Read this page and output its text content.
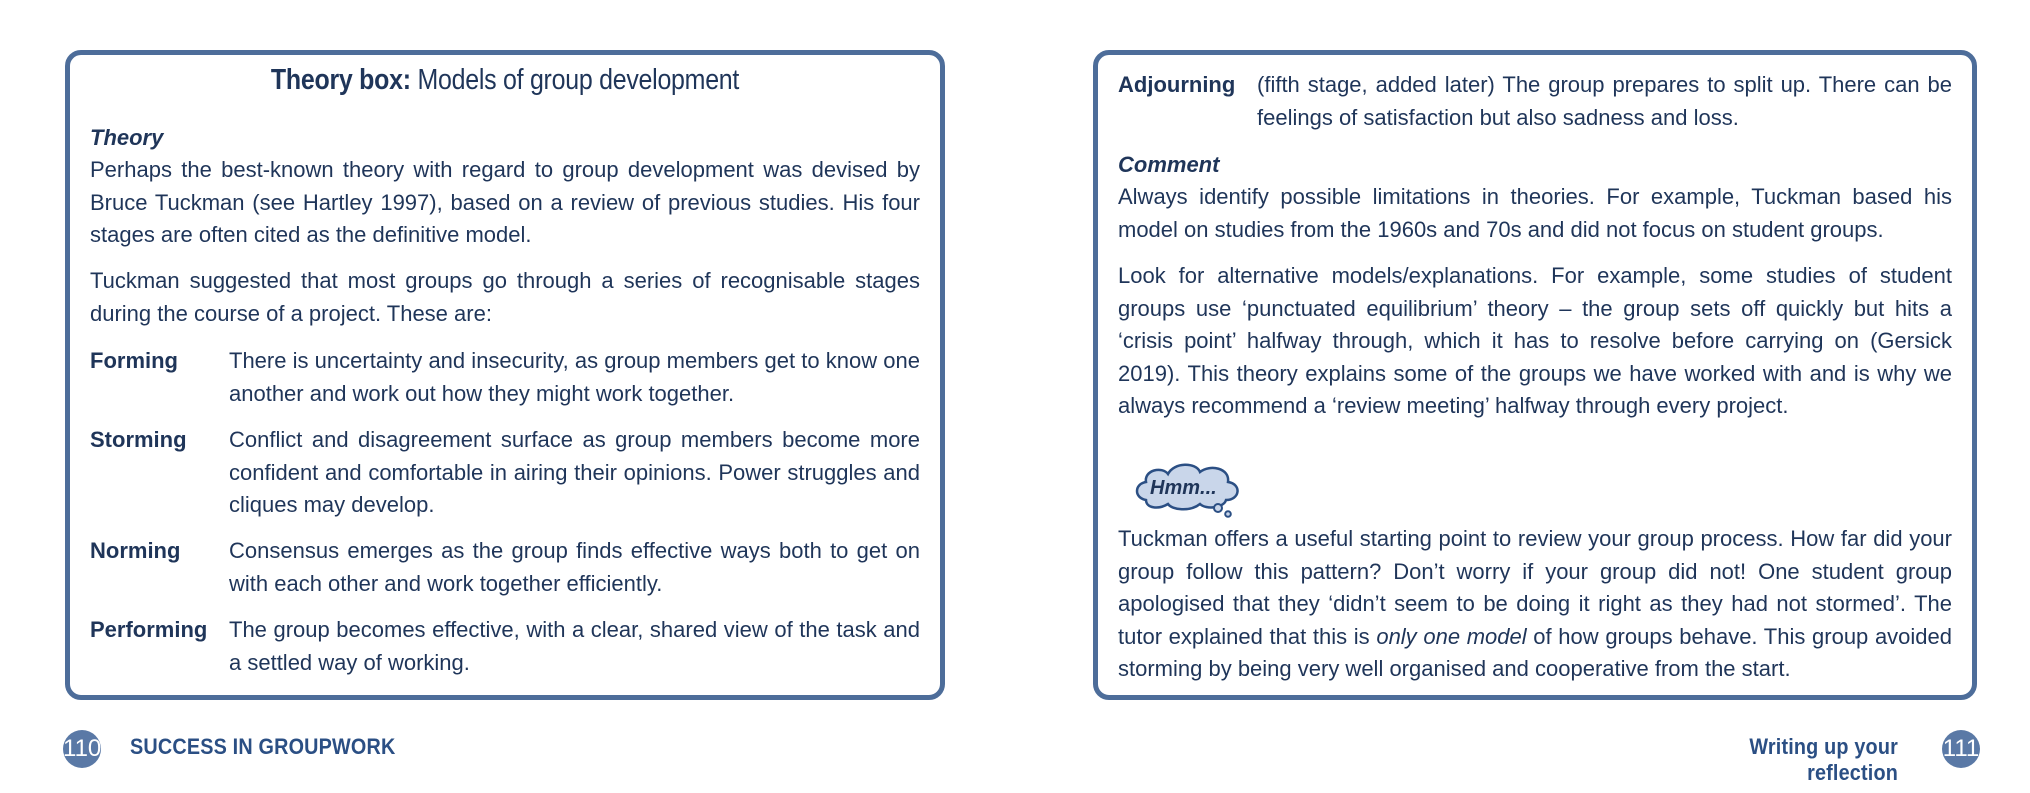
Theory box: Models of group development

Theory

Perhaps the best-known theory with regard to group development was devised by Bruce Tuckman (see Hartley 1997), based on a review of previous studies. His four stages are often cited as the definitive model.

Tuckman suggested that most groups go through a series of recognisable stages during the course of a project. These are:

Forming	There is uncertainty and insecurity, as group members get to know one another and work out how they might work together.
Storming	Conflict and disagreement surface as group members become more confident and comfortable in airing their opinions. Power struggles and cliques may develop.
Norming	Consensus emerges as the group finds effective ways both to get on with each other and work together efficiently.
Performing The group becomes effective, with a clear, shared view of the task and a settled way of working.
Adjourning (fifth stage, added later) The group prepares to split up. There can be feelings of satisfaction but also sadness and loss.

Comment

Always identify possible limitations in theories. For example, Tuckman based his model on studies from the 1960s and 70s and did not focus on student groups.

Look for alternative models/explanations. For example, some studies of student groups use ‘punctuated equilibrium’ theory – the group sets off quickly but hits a ‘crisis point’ halfway through, which it has to resolve before carrying on (Gersick 2019). This theory explains some of the groups we have worked with and is why we always recommend a ‘review meeting’ halfway through every project.

Hmm...

Tuckman offers a useful starting point to review your group process. How far did your group follow this pattern? Don’t worry if your group did not! One student group apologised that they ‘didn’t seem to be doing it right as they had not stormed’. The tutor explained that this is only one model of how groups behave. This group avoided storming by being very well organised and cooperative from the start.

110 SUCCESS IN GROUPWORK	Writing up your reflection
111
